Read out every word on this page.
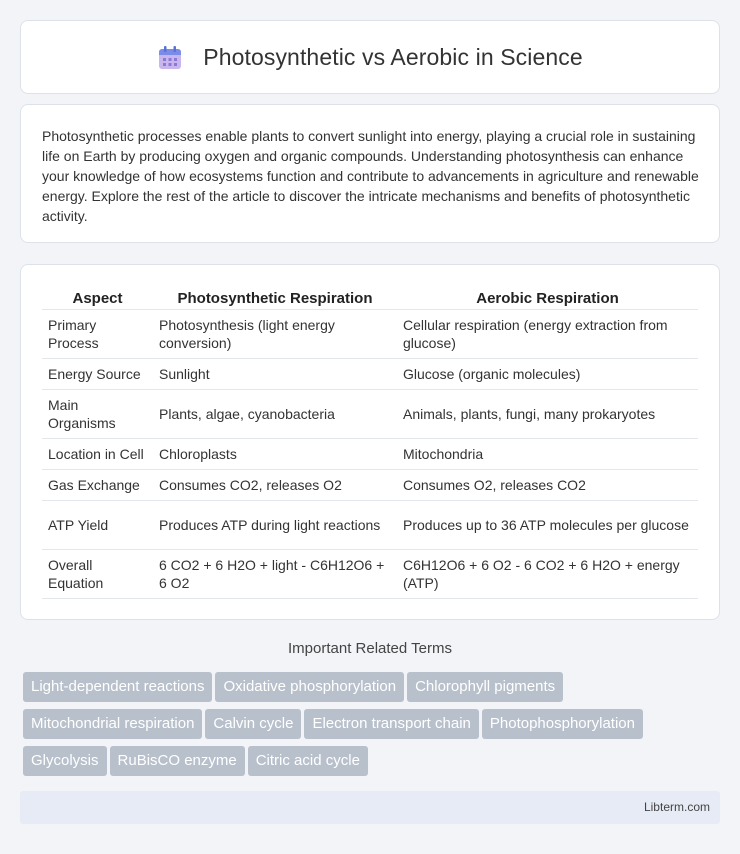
Photosynthetic vs Aerobic in Science

Photosynthetic processes enable plants to convert sunlight into energy, playing a crucial role in sustaining life on Earth by producing oxygen and organic compounds. Understanding photosynthesis can enhance your knowledge of how ecosystems function and contribute to advancements in agriculture and renewable energy. Explore the rest of the article to discover the intricate mechanisms and benefits of photosynthetic activity.

Aspect	Photosynthetic Respiration	Aerobic Respiration
Primary Process	Photosynthesis (light energy conversion)	Cellular respiration (energy extraction from glucose)
Energy Source	Sunlight	Glucose (organic molecules)
Main Organisms	Plants, algae, cyanobacteria	Animals, plants, fungi, many prokaryotes
Location in Cell	Chloroplasts	Mitochondria
Gas Exchange	Consumes CO2, releases O2	Consumes O2, releases CO2
ATP Yield	Produces ATP during light reactions	Produces up to 36 ATP molecules per glucose
Overall Equation	6 CO2 + 6 H2O + light - C6H12O6 + 6 O2	C6H12O6 + 6 O2 - 6 CO2 + 6 H2O + energy (ATP)
Important Related Terms
Light-dependent reactions Oxidative phosphorylation Chlorophyll pigments
Mitochondrial respiration Calvin cycle Electron transport chain Photophosphorylation
Glycolysis RuBisCO enzyme Citric acid cycle
Libterm.com
